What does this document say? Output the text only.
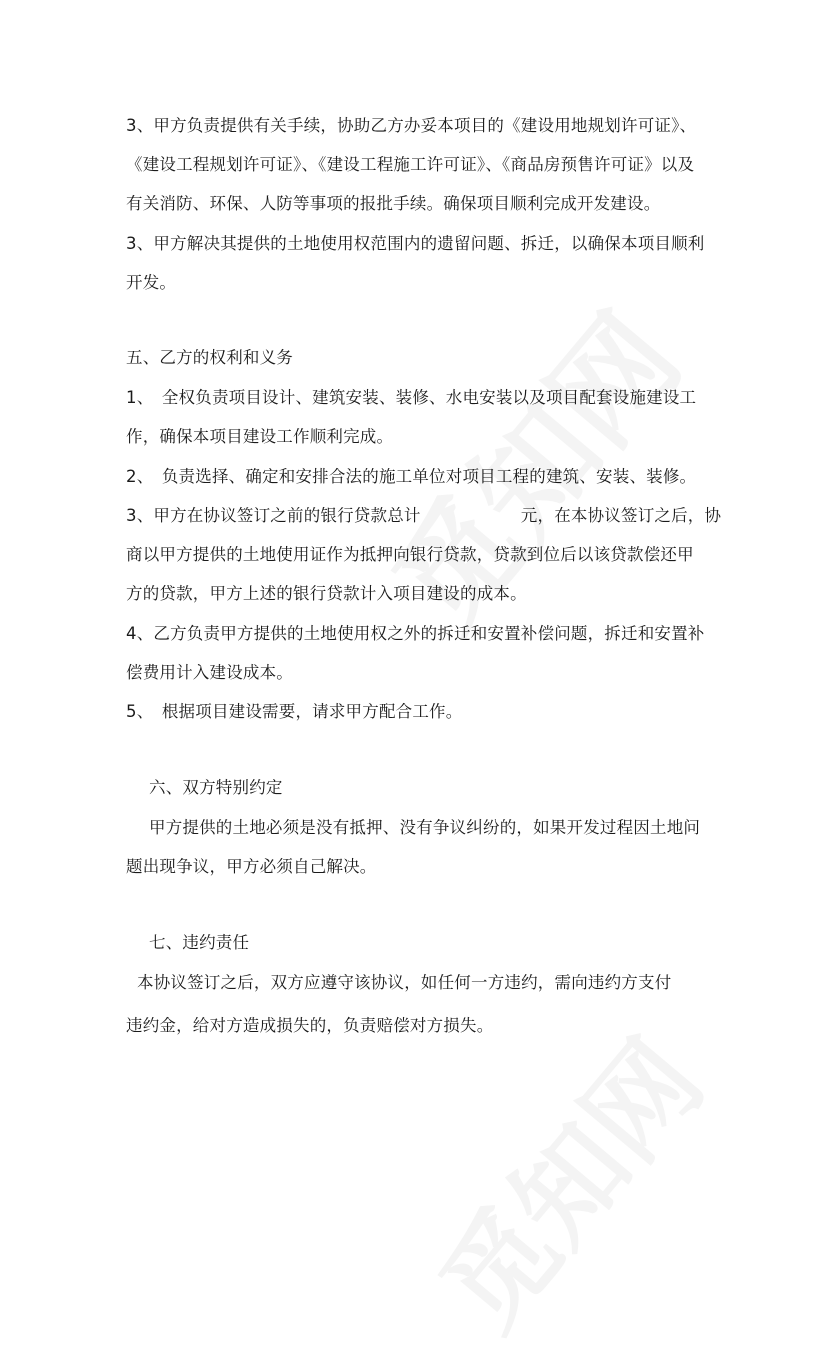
3、甲方负责提供有关手续，协助乙方办妥本项目的《建设用地规划许可证》、
《建设工程规划许可证》、《建设工程施工许可证》、《商品房预售许可证》以及
有关消防、环保、人防等事项的报批手续。确保项目顺利完成开发建设。
3、甲方解决其提供的土地使用权范围内的遗留问题、拆迁，以确保本项目顺利
开发。
五、乙方的权利和义务
1、　全权负责项目设计、建筑安装、装修、水电安装以及项目配套设施建设工
作，确保本项目建设工作顺利完成。
2、　负责选择、确定和安排合法的施工单位对项目工程的建筑、安装、装修。
3、甲方在协议签订之前的银行贷款总计　　　　　　元，在本协议签订之后，协
商以甲方提供的土地使用证作为抵押向银行贷款，贷款到位后以该贷款偿还甲
方的贷款，甲方上述的银行贷款计入项目建设的成本。
4、乙方负责甲方提供的土地使用权之外的拆迁和安置补偿问题，拆迁和安置补
偿费用计入建设成本。
5、　根据项目建设需要，请求甲方配合工作。
六、双方特别约定
甲方提供的土地必须是没有抵押、没有争议纠纷的，如果开发过程因土地问
题出现争议，甲方必须自己解决。
七、违约责任
本协议签订之后，双方应遵守该协议，如任何一方违约，需向违约方支付
违约金，给对方造成损失的，负责赔偿对方损失。
